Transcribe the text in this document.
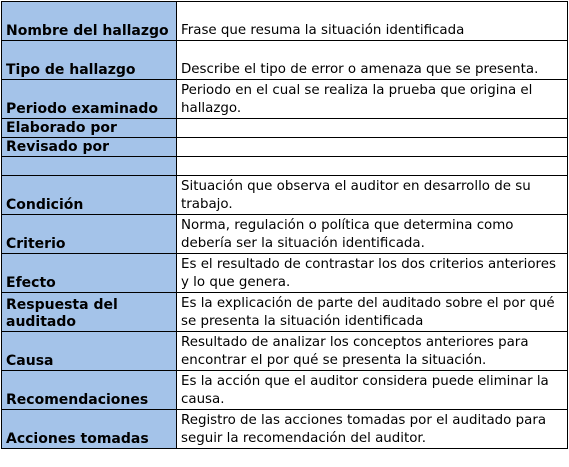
Nombre del hallazgo	Frase que resuma la situación identificada
Tipo de hallazgo	Describe el tipo de error o amenaza que se presenta.
Periodo examinado	Periodo en el cual se realiza la prueba que origina el hallazgo.
Elaborado por	
Revisado por	

Condición	Situación que observa el auditor en desarrollo de su trabajo.
Criterio	Norma, regulación o política que determina como debería ser la situación identificada.
Efecto	Es el resultado de contrastar los dos criterios anteriores y lo que genera.
Respuesta del auditado	Es la explicación de parte del auditado sobre el por qué se presenta la situación identificada
Causa	Resultado de analizar los conceptos anteriores para encontrar el por qué se presenta la situación.
Recomendaciones	Es la acción que el auditor considera puede eliminar la causa.
Acciones tomadas	Registro de las acciones tomadas por el auditado para seguir la recomendación del auditor.
